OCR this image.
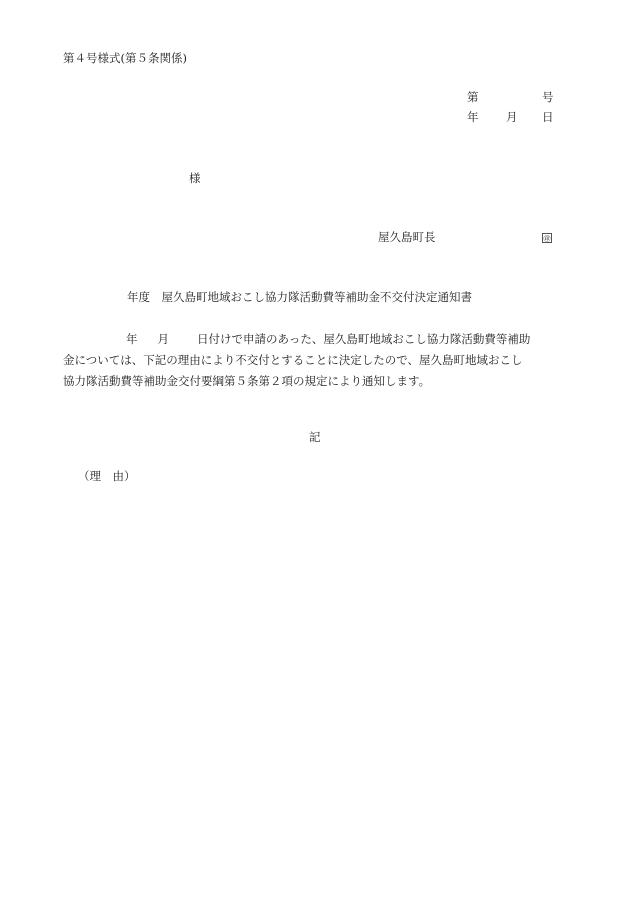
第４号様式(第５条関係)
第	号
年 月 日
様
屋久島町長	㊞
年度　屋久島町地域おこし協力隊活動費等補助金不交付決定通知書
年 月 日付けで申請のあった、屋久島町地域おこし協力隊活動費等補助
金については、下記の理由により不交付とすることに決定したので、屋久島町地域おこし
協力隊活動費等補助金交付要綱第５条第２項の規定により通知します。
記
（理　由）
